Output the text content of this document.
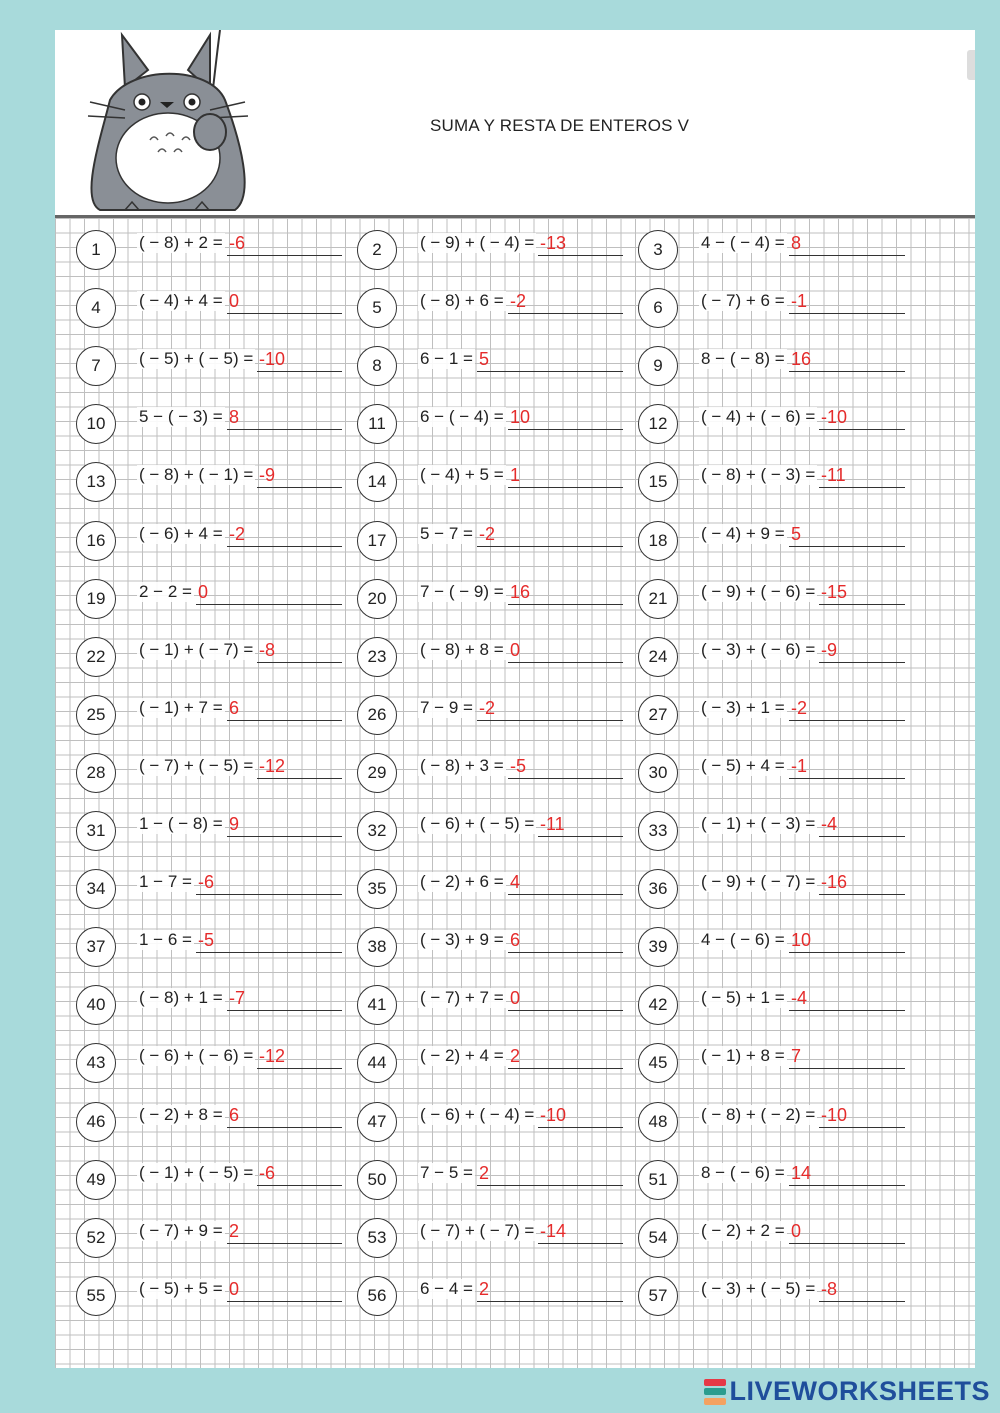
SUMA Y RESTA DE ENTEROS V
1	( − 8) + 2 = -6	2	( − 9) + ( − 4) = -13	3	4 − ( − 4) = 8
4	( − 4) + 4 = 0	5	( − 8) + 6 = -2	6	( − 7) + 6 = -1
7	( − 5) + ( − 5) = -10	8	6 − 1 = 5	9	8 − ( − 8) = 16
10	5 − ( − 3) = 8	11	6 − ( − 4) = 10	12	( − 4) + ( − 6) = -10
13	( − 8) + ( − 1) = -9	14	( − 4) + 5 = 1	15	( − 8) + ( − 3) = -11
16	( − 6) + 4 = -2	17	5 − 7 = -2	18	( − 4) + 9 = 5
19	2 − 2 = 0	20	7 − ( − 9) = 16	21	( − 9) + ( − 6) = -15
22	( − 1) + ( − 7) = -8	23	( − 8) + 8 = 0	24	( − 3) + ( − 6) = -9
25	( − 1) + 7 = 6	26	7 − 9 = -2	27	( − 3) + 1 = -2
28	( − 7) + ( − 5) = -12	29	( − 8) + 3 = -5	30	( − 5) + 4 = -1
31	1 − ( − 8) = 9	32	( − 6) + ( − 5) = -11	33	( − 1) + ( − 3) = -4
34	1 − 7 = -6	35	( − 2) + 6 = 4	36	( − 9) + ( − 7) = -16
37	1 − 6 = -5	38	( − 3) + 9 = 6	39	4 − ( − 6) = 10
40	( − 8) + 1 = -7	41	( − 7) + 7 = 0	42	( − 5) + 1 = -4
43	( − 6) + ( − 6) = -12	44	( − 2) + 4 = 2	45	( − 1) + 8 = 7
46	( − 2) + 8 = 6	47	( − 6) + ( − 4) = -10	48	( − 8) + ( − 2) = -10
49	( − 1) + ( − 5) = -6	50	7 − 5 = 2	51	8 − ( − 6) = 14
52	( − 7) + 9 = 2	53	( − 7) + ( − 7) = -14	54	( − 2) + 2 = 0
55	( − 5) + 5 = 0	56	6 − 4 = 2	57	( − 3) + ( − 5) = -8
LIVEWORKSHEETS
